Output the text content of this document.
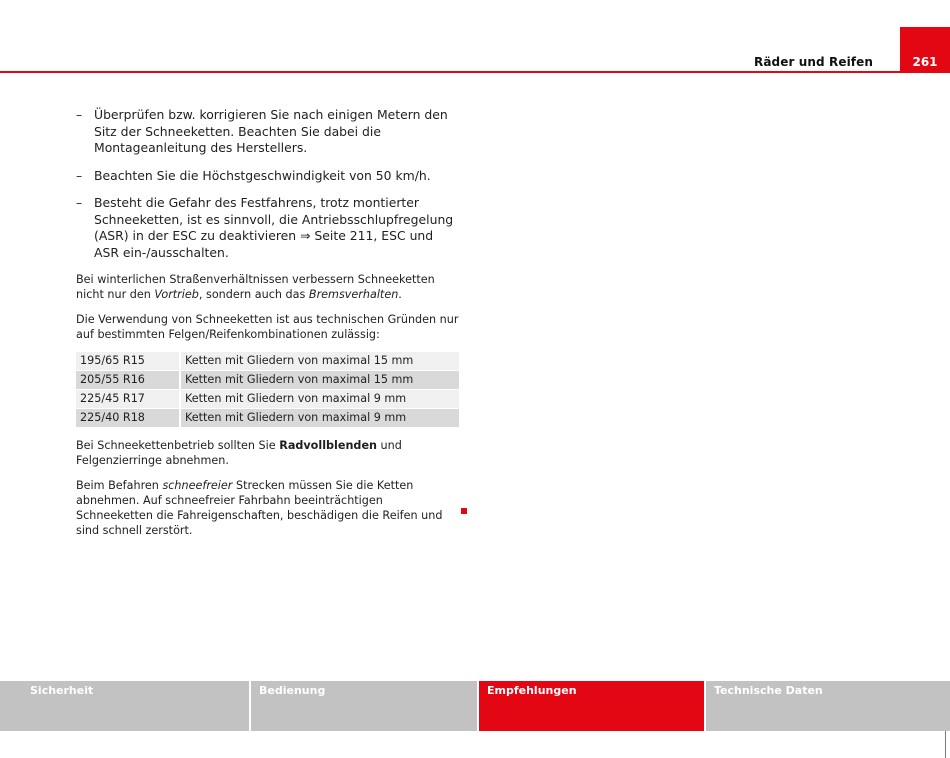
Räder und Reifen	261
– Überprüfen bzw. korrigieren Sie nach einigen Metern den Sitz der Schneeketten. Beachten Sie dabei die Montageanleitung des Herstellers.
– Beachten Sie die Höchstgeschwindigkeit von 50 km/h.
– Besteht die Gefahr des Festfahrens, trotz montierter Schneeketten, ist es sinnvoll, die Antriebsschlupfregelung (ASR) in der ESC zu deaktivieren ⇒ Seite 211, ESC und ASR ein-/ausschalten.

Bei winterlichen Straßenverhältnissen verbessern Schneeketten nicht nur den Vortrieb, sondern auch das Bremsverhalten.

Die Verwendung von Schneeketten ist aus technischen Gründen nur auf bestimmten Felgen/Reifenkombinationen zulässig:

195/65 R15	Ketten mit Gliedern von maximal 15 mm
205/55 R16	Ketten mit Gliedern von maximal 15 mm
225/45 R17	Ketten mit Gliedern von maximal 9 mm
225/40 R18	Ketten mit Gliedern von maximal 9 mm

Bei Schneekettenbetrieb sollten Sie Radvollblenden und Felgenzierringe abnehmen.

Beim Befahren schneefreier Strecken müssen Sie die Ketten abnehmen. Auf schneefreier Fahrbahn beeinträchtigen Schneeketten die Fahreigenschaften, beschädigen die Reifen und sind schnell zerstört.

Sicherheit	Bedienung	Empfehlungen	Technische Daten
